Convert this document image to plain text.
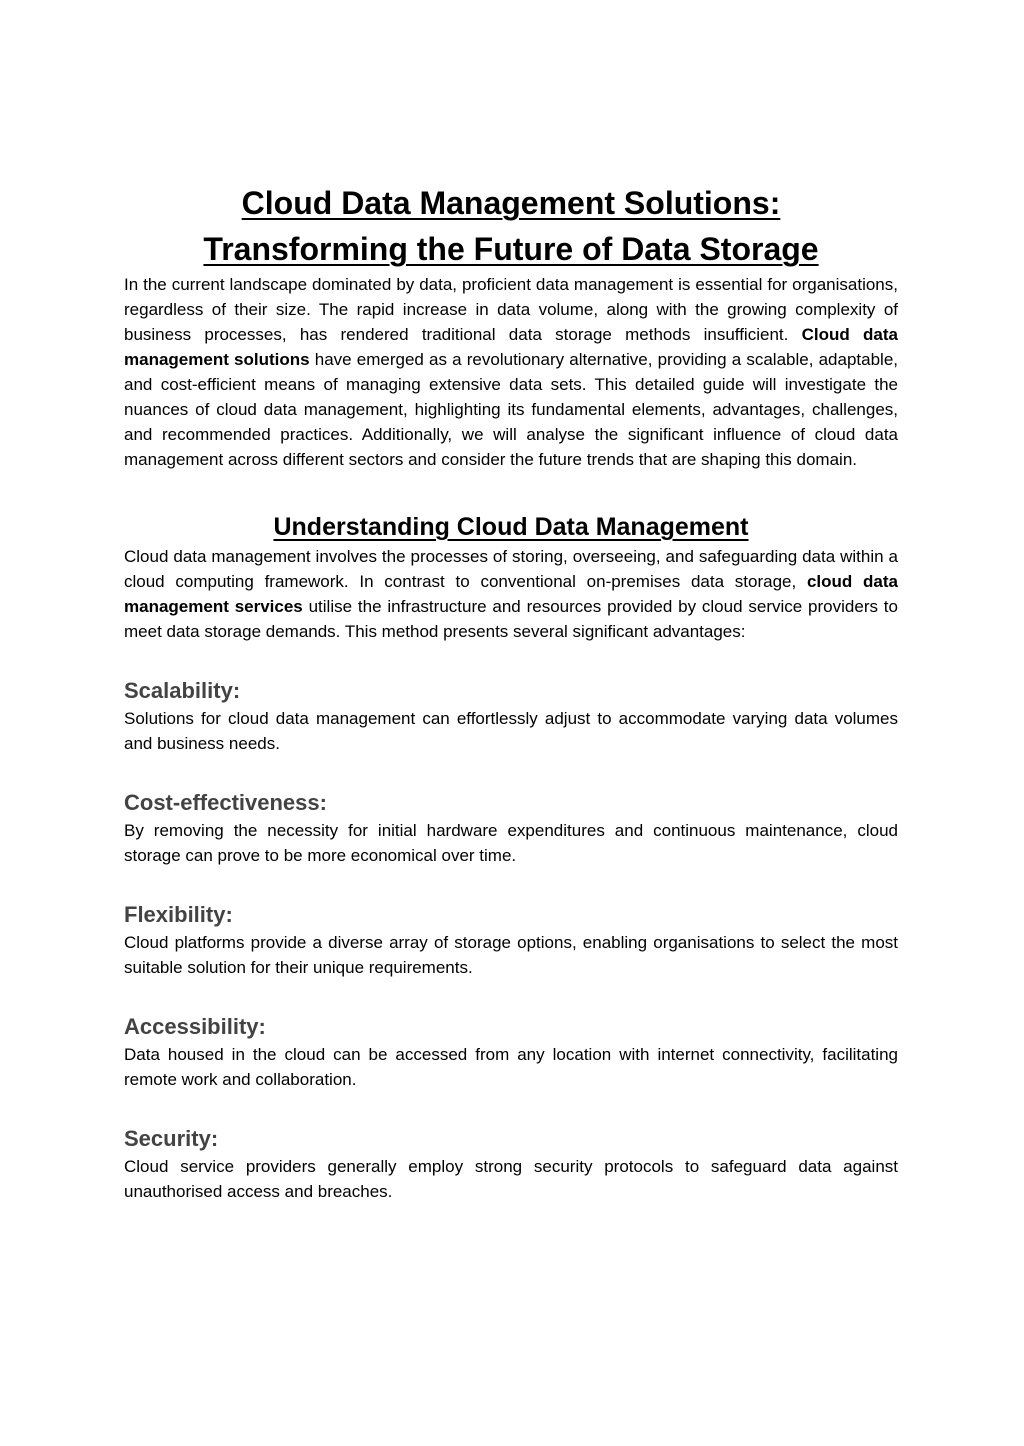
Cloud Data Management Solutions:
Transforming the Future of Data Storage

In the current landscape dominated by data, proficient data management is essential for organisations, regardless of their size. The rapid increase in data volume, along with the growing complexity of business processes, has rendered traditional data storage methods insufficient. Cloud data management solutions have emerged as a revolutionary alternative, providing a scalable, adaptable, and cost-efficient means of managing extensive data sets. This detailed guide will investigate the nuances of cloud data management, highlighting its fundamental elements, advantages, challenges, and recommended practices. Additionally, we will analyse the significant influence of cloud data management across different sectors and consider the future trends that are shaping this domain.

Understanding Cloud Data Management

Cloud data management involves the processes of storing, overseeing, and safeguarding data within a cloud computing framework. In contrast to conventional on-premises data storage, cloud data management services utilise the infrastructure and resources provided by cloud service providers to meet data storage demands. This method presents several significant advantages:

Scalability:

Solutions for cloud data management can effortlessly adjust to accommodate varying data volumes and business needs.

Cost-effectiveness:

By removing the necessity for initial hardware expenditures and continuous maintenance, cloud storage can prove to be more economical over time.

Flexibility:

Cloud platforms provide a diverse array of storage options, enabling organisations to select the most suitable solution for their unique requirements.

Accessibility:

Data housed in the cloud can be accessed from any location with internet connectivity, facilitating remote work and collaboration.

Security:

Cloud service providers generally employ strong security protocols to safeguard data against unauthorised access and breaches.
